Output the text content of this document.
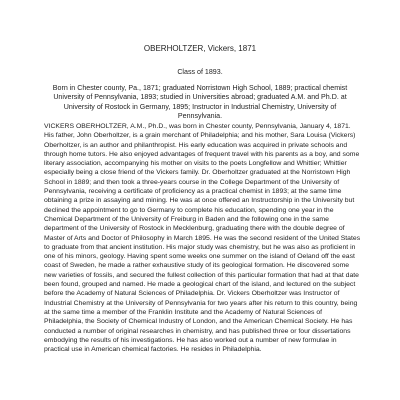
OBERHOLTZER, Vickers, 1871

Class of 1893.

Born in Chester county, Pa., 1871; graduated Norristown High School, 1889; practical chemist University of Pennsylvania, 1893; studied in Universities abroad; graduated A.M. and Ph.D. at University of Rostock in Germany, 1895; Instructor in Industrial Chemistry, University of Pennsylvania.

VICKERS OBERHOLTZER, A.M., Ph.D., was born in Chester county, Pennsylvania, January 4, 1871. His father, John Oberholtzer, is a grain merchant of Philadelphia; and his mother, Sara Louisa (Vickers) Oberholtzer, is an author and philanthropist. His early education was acquired in private schools and through home tutors. He also enjoyed advantages of frequent travel with his parents as a boy, and some literary association, accompanying his mother on visits to the poets Longfellow and Whittier; Whittier especially being a close friend of the Vickers family. Dr. Oberholtzer graduated at the Norristown High School in 1889; and then took a three-years course in the College Department of the University of Pennsylvania, receiving a certificate of proficiency as a practical chemist in 1893; at the same time obtaining a prize in assaying and mining. He was at once offered an Instructorship in the University but declined the appointment to go to Germany to complete his education, spending one year in the Chemical Department of the University of Freiburg in Baden and the following one in the same department of the University of Rostock in Mecklenburg, graduating there with the double degree of Master of Arts and Doctor of Philosophy in March 1895. He was the second resident of the United States to graduate from that ancient institution. His major study was chemistry, but he was also as proficient in one of his minors, geology. Having spent some weeks one summer on the island of Oeland off the east coast of Sweden, he made a rather exhaustive study of its geological formation. He discovered some new varieties of fossils, and secured the fullest collection of this particular formation that had at that date been found, grouped and named. He made a geological chart of the island, and lectured on the subject before the Academy of Natural Sciences of Philadelphia. Dr. Vickers Oberholtzer was Instructor of Industrial Chemistry at the University of Pennsylvania for two years after his return to this country, being at the same time a member of the Franklin Institute and the Academy of Natural Sciences of Philadelphia, the Society of Chemical Industry of London, and the American Chemical Society. He has conducted a number of original researches in chemistry, and has published three or four dissertations embodying the results of his investigations. He has also worked out a number of new formulae in practical use in American chemical factories. He resides in Philadelphia.
